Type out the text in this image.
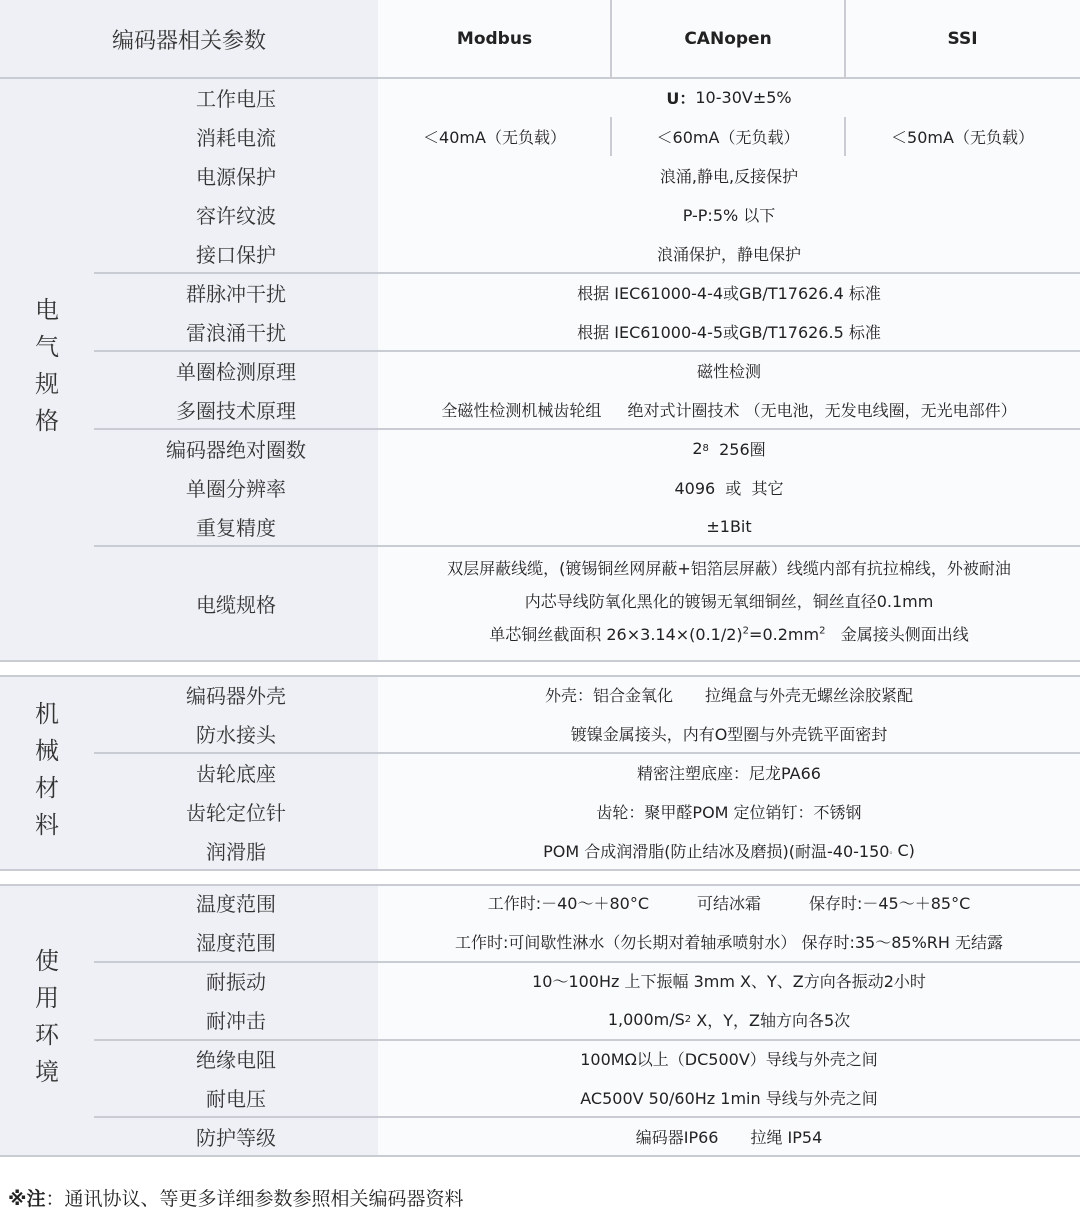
编码器相关参数	Modbus	CANopen	SSI
电
气
规
格
工作电压	U： 10-30V±5%
消耗电流	＜40mA（无负载）	＜60mA（无负载）	＜50mA（无负载）
电源保护	浪涌,静电,反接保护
容许纹波	P-P:5% 以下
接口保护	浪涌保护，静电保护
群脉冲干扰	根据 IEC61000-4-4或GB/T17626.4 标准
雷浪涌干扰	根据 IEC61000-4-5或GB/T17626.5 标准
单圈检测原理	磁性检测
多圈技术原理	全磁性检测机械齿轮组 　 绝对式计圈技术 （无电池，无发电线圈，无光电部件）
编码器绝对圈数	2 8 256圈
单圈分辨率	4096  或  其它
重复精度	±1Bit
电缆规格
双层屏蔽线缆，(镀锡铜丝网屏蔽+铝箔层屏蔽）线缆内部有抗拉棉线，外被耐油
内芯导线防氧化黑化的镀锡无氧细铜丝，铜丝直径0.1mm
单芯铜丝截面积 $26\times 3.14\times(0.1/2)^2=0.2mm^2$   金属接头侧面出线
机
械
材
料
编码器外壳	外壳：铝合金氧化　　拉绳盒与外壳无螺丝涂胶紧配
防水接头	镀镍金属接头，内有O型圈与外壳铣平面密封
齿轮底座	精密注塑底座：尼龙PA66
齿轮定位针	齿轮：聚甲醛POM 定位销钉：不锈钢
润滑脂	POM 合成润滑脂(防止结冰及磨损)(耐温-40-150 。 C)
使
用
环
境
温度范围	工作时:－40～＋80°C　　　可结冰霜　　　保存时:－45～＋85°C
湿度范围	工作时:可间歇性淋水（勿长期对着轴承喷射水） 保存时:35～85%RH 无结露
耐振动	10～100Hz 上下振幅 3mm X、Y、Z方向各振动2小时
耐冲击	1,000m/S 2 X，Y，Z轴方向各5次
绝缘电阻	100MΩ以上（DC500V）导线与外壳之间
耐电压	AC500V 50/60Hz 1min 导线与外壳之间
防护等级	编码器IP66　　拉绳 IP54
※注：通讯协议、等更多详细参数参照相关编码器资料
